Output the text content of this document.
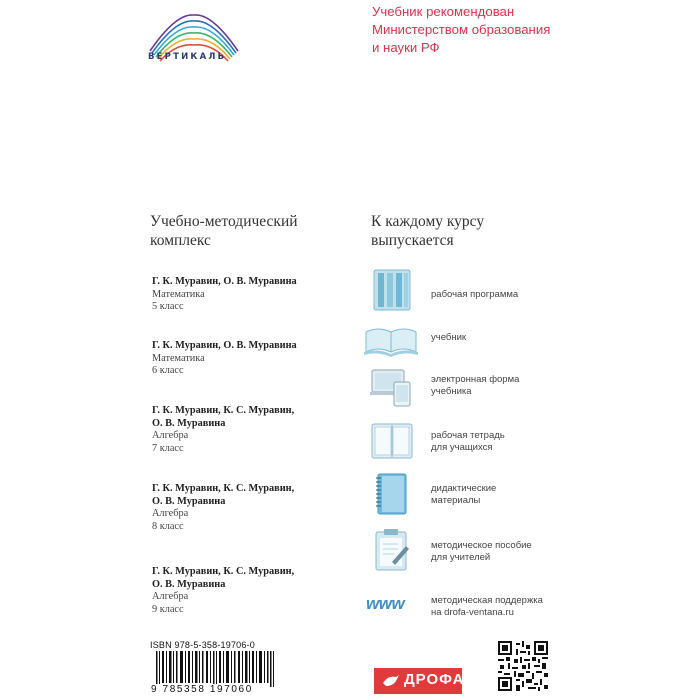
ВЕРТИКАЛЬ
Учебник рекомендован
Министерством образования
и науки РФ
Учебно-методический
комплекс
К каждому курсу
выпускается
Г. К. Муравин, О. В. Муравина
Математика
5 класс
Г. К. Муравин, О. В. Муравина
Математика
6 класс
Г. К. Муравин, К. С. Муравин,
О. В. Муравина
Алгебра
7 класс
Г. К. Муравин, К. С. Муравин,
О. В. Муравина
Алгебра
8 класс
Г. К. Муравин, К. С. Муравин,
О. В. Муравина
Алгебра
9 класс	www
рабочая программа
учебник
электронная форма
учебника
рабочая тетрадь
для учащихся
дидактические
материалы
методическое пособие
для учителей
методическая поддержка
на drofa-ventana.ru
ISBN 978-5-358-19706-0
9 785358 197060
ДРОФА
